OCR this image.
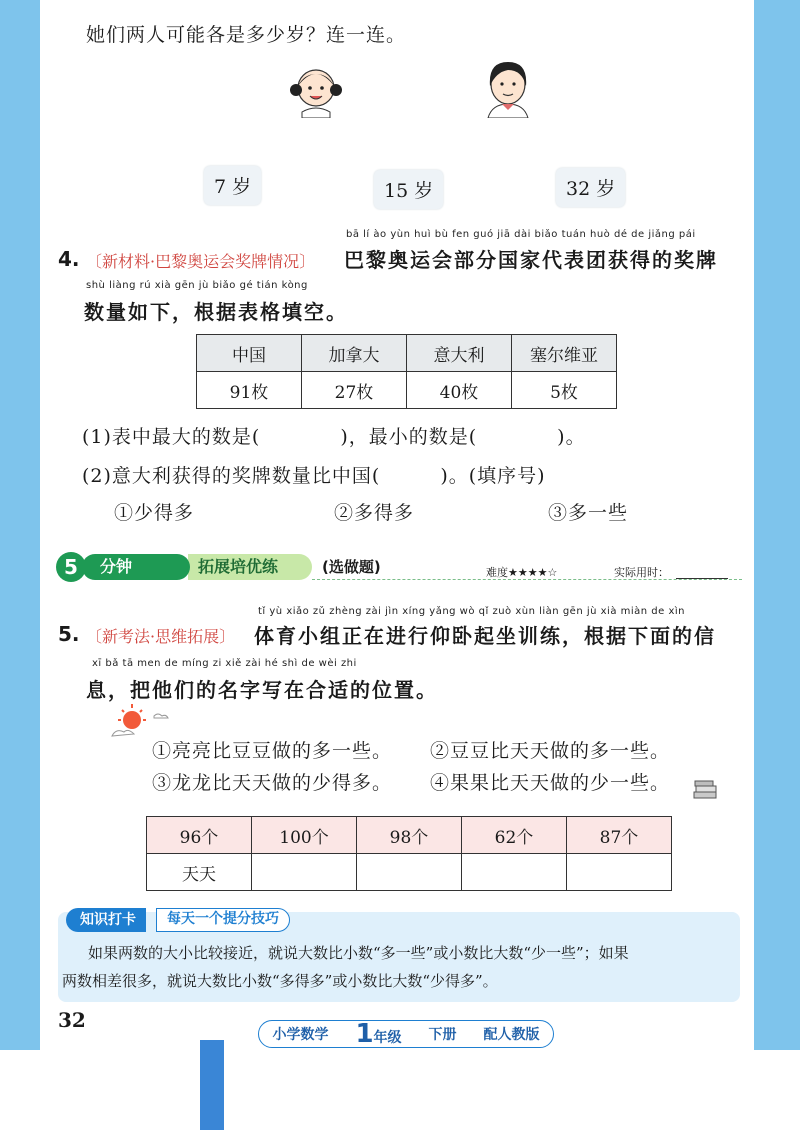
她们两人可能各是多少岁？连一连。
7 岁	15 岁	32 岁
bā lí ào yùn huì bù fen guó jiā dài biǎo tuán huò dé de jiǎng pái
4. 〔新材料·巴黎奥运会奖牌情况〕 巴黎奥运会部分国家代表团获得的奖牌
shù liàng rú xià gēn jù biǎo gé tián kòng
数量如下，根据表格填空。
中国	加拿大	意大利	塞尔维亚
91枚	27枚	40枚	5枚
(1)表中最大的数是(　　　　)，最小的数是(　　　　)。
(2)意大利获得的奖牌数量比中国(　　　)。(填序号)
①少得多	②多得多	③多一些
拓展培优练
分钟
5	(选做题)	难度★★★★☆	实际用时：
tǐ yù xiǎo zǔ zhèng zài jìn xíng yǎng wò qǐ zuò xùn liàn gēn jù xià miàn de xìn
5. 〔新考法·思维拓展〕 体育小组正在进行仰卧起坐训练，根据下面的信
xī bǎ tā men de míng zi xiě zài hé shì de wèi zhi
息，把他们的名字写在合适的位置。
①亮亮比豆豆做的多一些。 ②豆豆比天天做的多一些。
③龙龙比天天做的少得多。 ④果果比天天做的少一些。
96个	100个	98个	62个	87个
天天				
知识打卡	每天一个提分技巧
如果两数的大小比较接近，就说大数比小数“多一些”或小数比大数“少一些”；如果
两数相差很多，就说大数比小数“多得多”或小数比大数“少得多”。
32
小学数学 1年级 下册 配人教版
